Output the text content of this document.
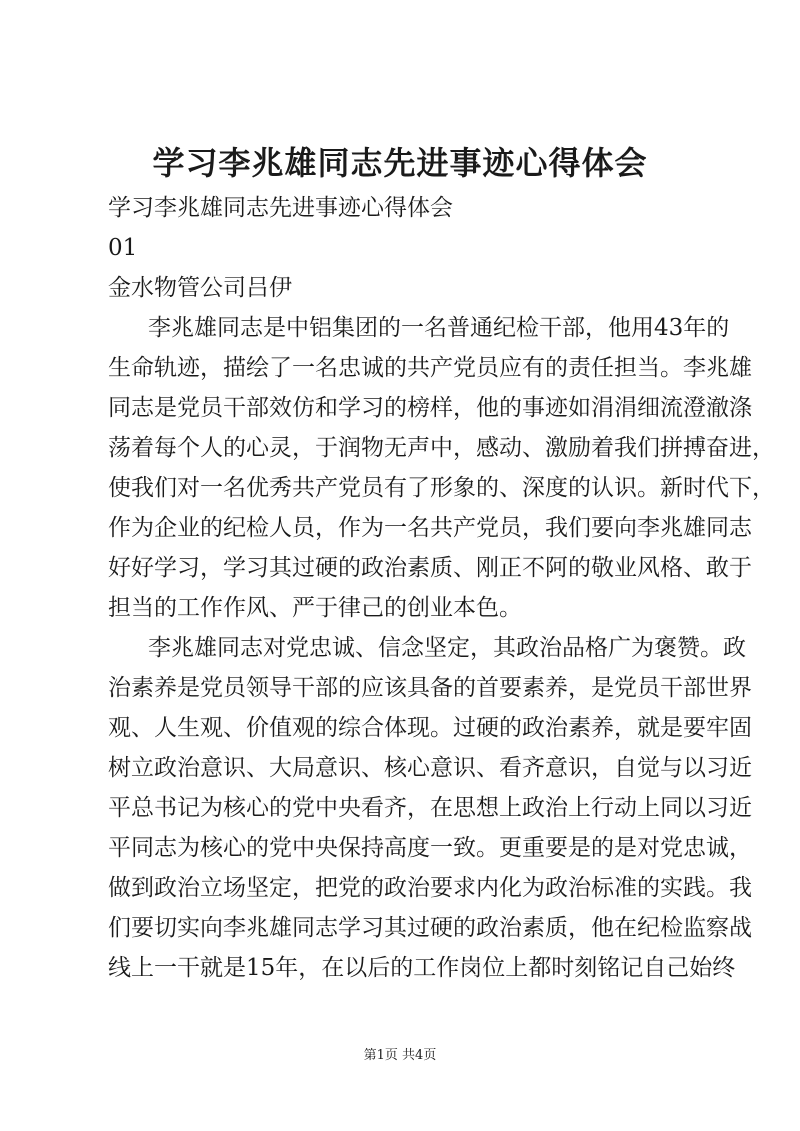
学习李兆雄同志先进事迹心得体会
学习李兆雄同志先进事迹心得体会
01
金水物管公司吕伊
李兆雄同志是中铝集团的一名普通纪检干部，他用43年的
生命轨迹，描绘了一名忠诚的共产党员应有的责任担当。李兆雄
同志是党员干部效仿和学习的榜样，他的事迹如涓涓细流澄澈涤
荡着每个人的心灵，于润物无声中，感动、激励着我们拼搏奋进，
使我们对一名优秀共产党员有了形象的、深度的认识。新时代下，
作为企业的纪检人员，作为一名共产党员，我们要向李兆雄同志
好好学习，学习其过硬的政治素质、刚正不阿的敬业风格、敢于
担当的工作作风、严于律己的创业本色。
李兆雄同志对党忠诚、信念坚定，其政治品格广为褒赞。政
治素养是党员领导干部的应该具备的首要素养，是党员干部世界
观、人生观、价值观的综合体现。过硬的政治素养，就是要牢固
树立政治意识、大局意识、核心意识、看齐意识，自觉与以习近
平总书记为核心的党中央看齐，在思想上政治上行动上同以习近
平同志为核心的党中央保持高度一致。更重要是的是对党忠诚，
做到政治立场坚定，把党的政治要求内化为政治标准的实践。我
们要切实向李兆雄同志学习其过硬的政治素质，他在纪检监察战
线上一干就是15年，在以后的工作岗位上都时刻铭记自己始终
第1页 共4页
